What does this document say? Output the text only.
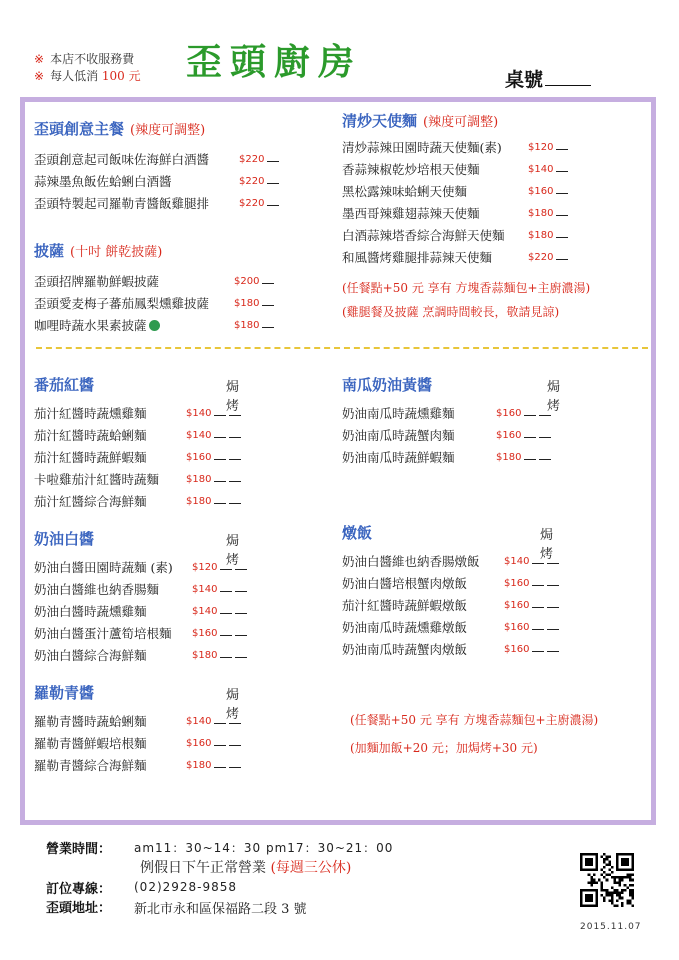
※ 本店不收服務費
※ 每人低消 100 元 歪頭廚房	桌號
歪頭創意主餐 (辣度可調整)
歪頭創意起司飯味佐海鮮白酒醬	$220
蒜辣墨魚飯佐蛤蜊白酒醬	$220
歪頭特製起司羅勒青醬飯雞腿排	$220
披薩 (十吋 餅乾披薩)
歪頭招牌羅勒鮮蝦披薩	$200
歪頭愛麦梅子蕃茄鳳梨燻雞披薩 $180
咖哩時蔬水果素披薩	$180
清炒天使麵 (辣度可調整)
清炒蒜辣田園時蔬天使麵(素)	$120
香蒜辣椒乾炒培根天使麵	$140
黑松露辣味蛤蜊天使麵	$160
墨西哥辣雞翅蒜辣天使麵	$180
白酒蒜辣塔香綜合海鮮天使麵 $180
和風醬烤雞腿排蒜辣天使麵	$220
番茄紅醬	焗烤
茄汁紅醬時蔬燻雞麵	$140
茄汁紅醬時蔬蛤蜊麵	$140
茄汁紅醬時蔬鮮蝦麵	$160
卡啦雞茄汁紅醬時蔬麵	$180
茄汁紅醬綜合海鮮麵	$180
南瓜奶油黃醬	焗烤
奶油南瓜時蔬燻雞麵	$160
奶油南瓜時蔬蟹肉麵	$160
奶油南瓜時蔬鮮蝦麵	$180
奶油白醬	焗烤
奶油白醬田園時蔬麵 (素) $120
奶油白醬維也納香腸麵	$140
奶油白醬時蔬燻雞麵	$140
奶油白醬蛋汁蘆筍培根麵 $160
奶油白醬綜合海鮮麵	$180
燉飯	焗烤
奶油白醬維也納香腸燉飯 $140
奶油白醬培根蟹肉燉飯	$160
茄汁紅醬時蔬鮮蝦燉飯	$160
奶油南瓜時蔬燻雞燉飯	$160
奶油南瓜時蔬蟹肉燉飯	$160
羅勒青醬	焗烤
羅勒青醬時蔬蛤蜊麵	$140
羅勒青醬鮮蝦培根麵	$160
羅勒青醬綜合海鮮麵	$180
(任餐點+50 元 享有 方塊香蒜麵包+主廚濃湯)
(雞腿餐及披薩 烹調時間較長，敬請見諒)
(任餐點+50 元 享有 方塊香蒜麵包+主廚濃湯)
(加麵加飯+20 元；加焗烤+30 元)
營業時間： am11：30~14：30 pm17：30~21：00
例假日下午正常營業 (每週三公休)
訂位專線： (02)2928-9858
歪頭地址： 新北市永和區保福路二段 3 號
2015.11.07
